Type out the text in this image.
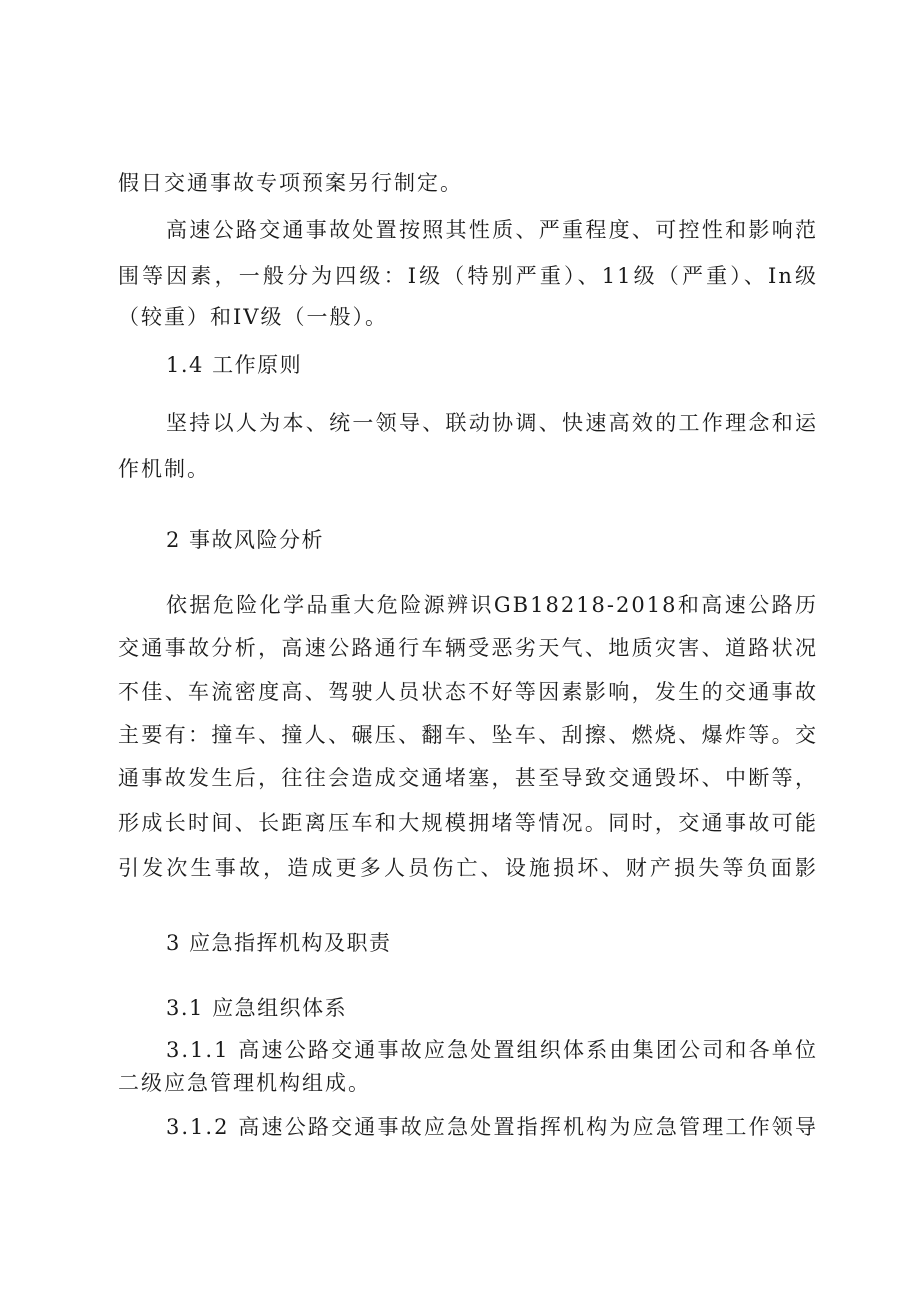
假日交通事故专项预案另行制定。
高速公路交通事故处置按照其性质、严重程度、可控性和影响范
围等因素，一般分为四级：I级（特别严重）、11级（严重）、In级
（较重）和IV级（一般）。
1.4 工作原则
坚持以人为本、统一领导、联动协调、快速高效的工作理念和运
作机制。
2 事故风险分析
依据危险化学品重大危险源辨识GB18218-2018和高速公路历
交通事故分析，高速公路通行车辆受恶劣天气、地质灾害、道路状况
不佳、车流密度高、驾驶人员状态不好等因素影响，发生的交通事故
主要有：撞车、撞人、碾压、翻车、坠车、刮擦、燃烧、爆炸等。交
通事故发生后，往往会造成交通堵塞，甚至导致交通毁坏、中断等，
形成长时间、长距离压车和大规模拥堵等情况。同时，交通事故可能
引发次生事故，造成更多人员伤亡、设施损坏、财产损失等负面影
3 应急指挥机构及职责
3.1 应急组织体系
3.1.1 高速公路交通事故应急处置组织体系由集团公司和各单位
二级应急管理机构组成。
3.1.2 高速公路交通事故应急处置指挥机构为应急管理工作领导
